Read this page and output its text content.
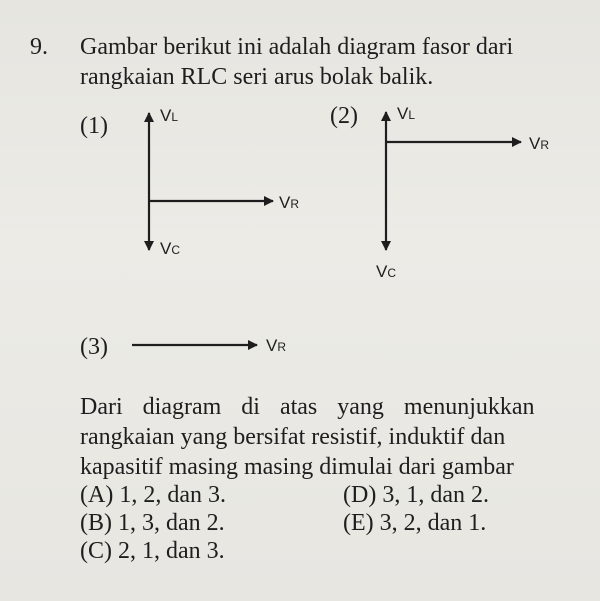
9. Gambar berikut ini adalah diagram fasor dari
rangkaian RLC seri arus bolak balik.
(1)	(2)
(3)
VL
VR
VC
VL
VR
VC
VR
Dari diagram di atas yang menunjukkan
rangkaian yang bersifat resistif, induktif dan
kapasitif masing masing dimulai dari gambar
(A) 1, 2, dan 3.
(B) 1, 3, dan 2.
(C) 2, 1, dan 3.
(D) 3, 1, dan 2.
(E) 3, 2, dan 1.
